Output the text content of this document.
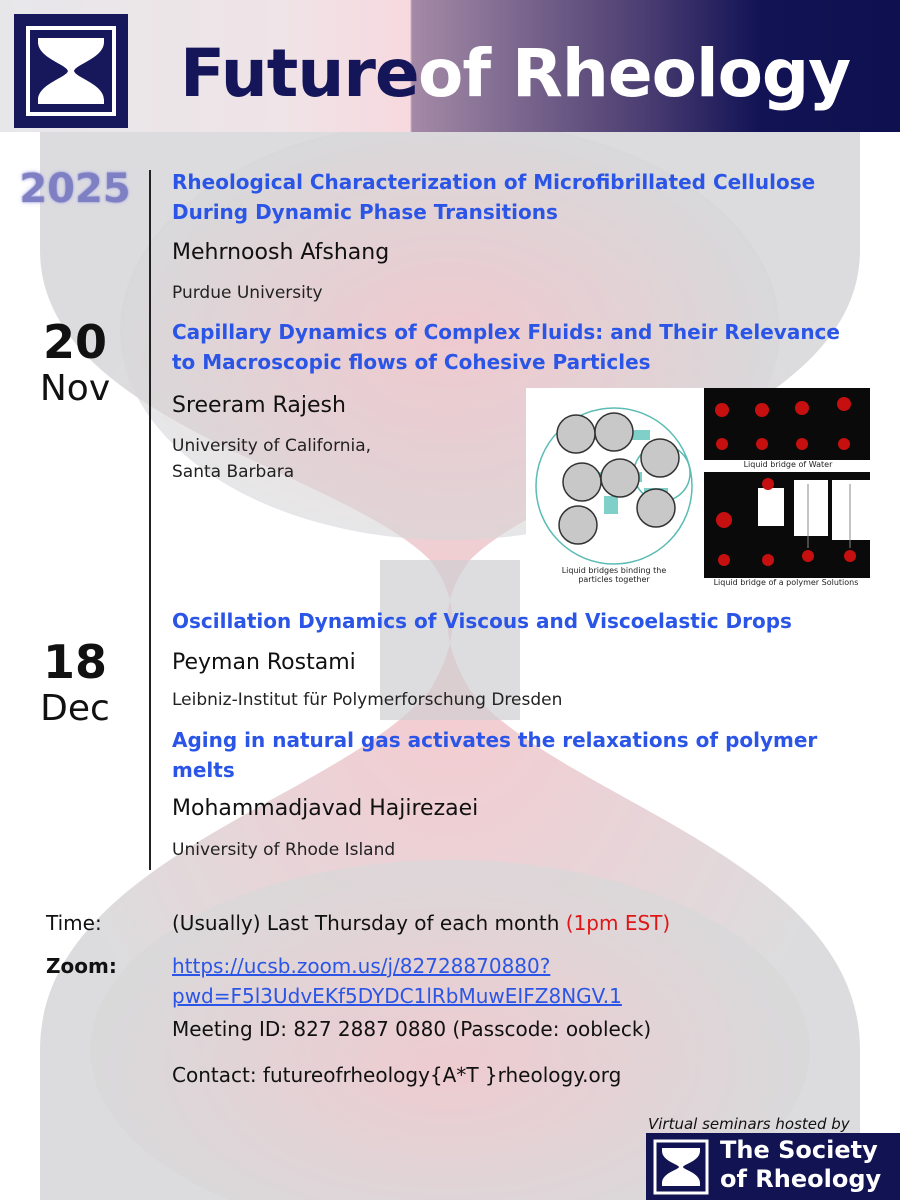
Future of Rheology
2025
20
Nov
18
Dec
Rheological Characterization of Microfibrillated Cellulose
During Dynamic Phase Transitions
Mehrnoosh Afshang
Purdue University
Capillary Dynamics of Complex Fluids: and Their Relevance
to Macroscopic flows of Cohesive Particles
Sreeram Rajesh
University of California,
Santa Barbara
Liquid bridges binding the
particles together
Liquid bridge of Water
Liquid bridge of a polymer Solutions
Oscillation Dynamics of Viscous and Viscoelastic Drops
Peyman Rostami
Leibniz-Institut für Polymerforschung Dresden
Aging in natural gas activates the relaxations of polymer
melts
Mohammadjavad Hajirezaei
University of Rhode Island
Time:	(Usually) Last Thursday of each month (1pm EST)
Zoom:	https://ucsb.zoom.us/j/82728870880?
pwd=F5l3UdvEKf5DYDC1lRbMuwEIFZ8NGV.1
Meeting ID: 827 2887 0880 (Passcode: oobleck)
Contact: futureofrheology{A*T }rheology.org
Virtual seminars hosted by
The Society
of Rheology
